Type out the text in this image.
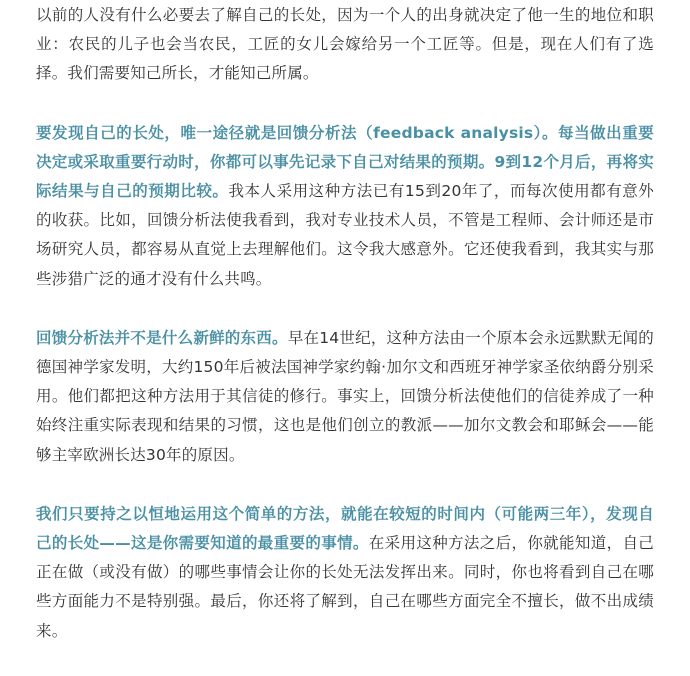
以前的人没有什么必要去了解自己的长处，因为一个人的出身就决定了他一生的地位和职业：农民的儿子也会当农民，工匠的女儿会嫁给另一个工匠等。但是，现在人们有了选择。我们需要知己所长，才能知己所属。

要发现自己的长处，唯一途径就是回馈分析法（feedback analysis）。每当做出重要决定或采取重要行动时，你都可以事先记录下自己对结果的预期。9到12个月后，再将实际结果与自己的预期比较。我本人采用这种方法已有15到20年了，而每次使用都有意外的收获。比如，回馈分析法使我看到，我对专业技术人员，不管是工程师、会计师还是市场研究人员，都容易从直觉上去理解他们。这令我大感意外。它还使我看到，我其实与那些涉猎广泛的通才没有什么共鸣。

回馈分析法并不是什么新鲜的东西。早在14世纪，这种方法由一个原本会永远默默无闻的德国神学家发明，大约150年后被法国神学家约翰·加尔文和西班牙神学家圣依纳爵分别采用。他们都把这种方法用于其信徒的修行。事实上，回馈分析法使他们的信徒养成了一种始终注重实际表现和结果的习惯，这也是他们创立的教派——加尔文教会和耶稣会——能够主宰欧洲长达30年的原因。

我们只要持之以恒地运用这个简单的方法，就能在较短的时间内（可能两三年），发现自己的长处——这是你需要知道的最重要的事情。在采用这种方法之后，你就能知道，自己正在做（或没有做）的哪些事情会让你的长处无法发挥出来。同时，你也将看到自己在哪些方面能力不是特别强。最后，你还将了解到，自己在哪些方面完全不擅长，做不出成绩来。
